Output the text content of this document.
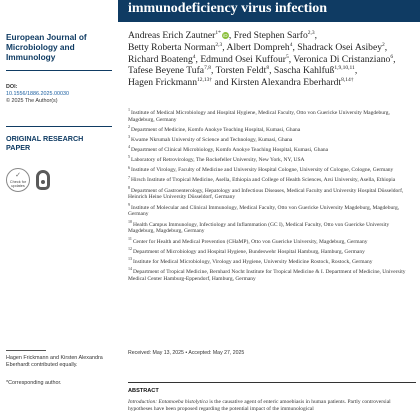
immunodeficiency virus infection
European Journal of Microbiology and Immunology
DOI:
10.1556/1886.2025.00030
© 2025 The Author(s)
ORIGINAL RESEARCH PAPER
✓
Check for
updates
Hagen Frickmann and Kirsten Alexandra Eberhardt contributed equally.
*Corresponding author.
Andreas Erich Zautner$^{1*}$ iD, Fred Stephen Sarfo$^{2,3}$, Betty Roberta Norman$^{2,3}$, Albert Dompreh$^4$, Shadrack Osei Asibey$^2$, Richard Boateng$^4$, Edmund Osei Kuffour$^5$, Veronica Di Cristanziano$^6$, Tafese Beyene Tufa$^{7,8}$, Torsten Feldt$^8$, Sascha Kahlfuß$^{1,9,10,11}$, Hagen Frickmann$^{12,13\dagger}$ and Kirsten Alexandra Eberhardt$^{8,14\dagger}$
$^1$Institute of Medical Microbiology and Hospital Hygiene, Medical Faculty, Otto von Guericke University Magdeburg, Magdeburg, Germany
$^2$Department of Medicine, Komfo Anokye Teaching Hospital, Kumasi, Ghana
$^3$Kwame Nkrumah University of Science and Technology, Kumasi, Ghana
$^4$Department of Clinical Microbiology, Komfo Anokye Teaching Hospital, Kumasi, Ghana
$^5$Laboratory of Retrovirology, The Rockefeller University, New York, NY, USA
$^6$Institute of Virology, Faculty of Medicine and University Hospital Cologne, University of Cologne, Cologne, Germany
$^7$Hirsch Institute of Tropical Medicine, Asella, Ethiopia and College of Health Sciences, Arsi University, Asella, Ethiopia
$^8$Department of Gastroenterology, Hepatology and Infectious Diseases, Medical Faculty and University Hospital Düsseldorf, Heinrich Heine University Düsseldorf, Germany
$^9$Institute of Molecular and Clinical Immunology, Medical Faculty, Otto von Guericke University Magdeburg, Magdeburg, Germany
$^{10}$Health Campus Immunology, Infectiology and Inflammation (GC I), Medical Faculty, Otto von Guericke University Magdeburg, Magdeburg, Germany
$^{11}$Center for Health and Medical Prevention (CHaMP), Otto von Guericke University, Magdeburg, Germany
$^{12}$Department of Microbiology and Hospital Hygiene, Bundeswehr Hospital Hamburg, Hamburg, Germany
$^{13}$Institute for Medical Microbiology, Virology and Hygiene, University Medicine Rostock, Rostock, Germany
$^{14}$Department of Tropical Medicine, Bernhard Nocht Institute for Tropical Medicine & I. Department of Medicine, University Medical Center Hamburg-Eppendorf, Hamburg, Germany
Received: May 13, 2025 • Accepted: May 27, 2025
ABSTRACT
Introduction: Entamoeba histolytica is the causative agent of enteric amoebiasis in human patients. Partly controversial hypotheses have been proposed regarding the potential impact of the immunological
